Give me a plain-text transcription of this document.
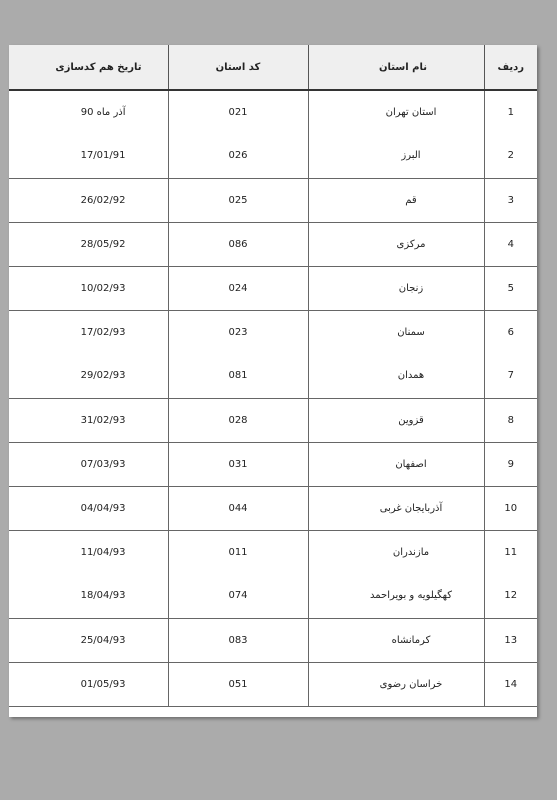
تاریخ هم کدسازی	کد استان	نام استان	ردیف
آذر ماه 90	021	استان تهران	1
17/01/91	026	البرز	2
26/02/92	025	قم	3
28/05/92	086	مرکزی	4
10/02/93	024	زنجان	5
17/02/93	023	سمنان	6
29/02/93	081	همدان	7
31/02/93	028	قزوین	8
07/03/93	031	اصفهان	9
04/04/93	044	آذربایجان غربی	10
11/04/93	011	مازندران	11
18/04/93	074	کهگیلویه و بویراحمد	12
25/04/93	083	کرمانشاه	13
01/05/93	051	خراسان رضوی	14
